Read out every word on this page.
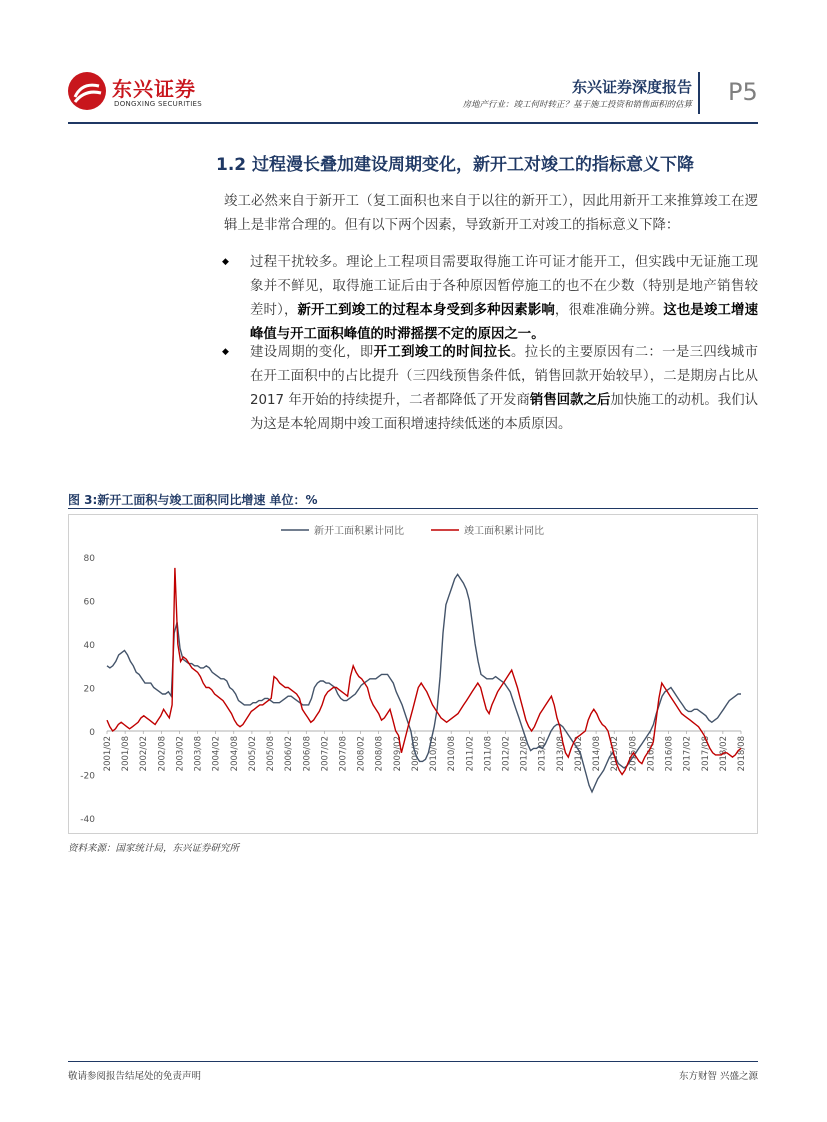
东兴证券
DONGXING SECURITIES
东兴证券深度报告
房地产行业：竣工何时转正？基于施工投资和销售面积的估算 P5
1.2 过程漫长叠加建设周期变化，新开工对竣工的指标意义下降
竣工必然来自于新开工（复工面积也来自于以往的新开工），因此用新开工来推算竣工在逻辑上是非常合理的。但有以下两个因素，导致新开工对竣工的指标意义下降：
◆ 过程干扰较多。理论上工程项目需要取得施工许可证才能开工，但实践中无证施工现象并不鲜见，取得施工证后由于各种原因暂停施工的也不在少数（特别是地产销售较差时），新开工到竣工的过程本身受到多种因素影响，很难准确分辨。这也是竣工增速峰值与开工面积峰值的时滞摇摆不定的原因之一。
◆ 建设周期的变化，即开工到竣工的时间拉长。拉长的主要原因有二：一是三四线城市在开工面积中的占比提升（三四线预售条件低，销售回款开始较早），二是期房占比从 2017 年开始的持续提升，二者都降低了开发商销售回款之后加快施工的动机。我们认为这是本轮周期中竣工面积增速持续低迷的本质原因。
图 3:新开工面积与竣工面积同比增速 单位：%
-40
-20
0
20
40
60
80
2001/02 2001/08 2002/02 2002/08 2003/02 2003/08 2004/02 2004/08 2005/02 2005/08 2006/02 2006/08 2007/02 2007/08 2008/02 2008/08 2009/02 2009/08 2010/02 2010/08 2011/02 2011/08 2012/02 2012/08 2013/02 2013/08 2014/02 2014/08 2015/02 2015/08 2016/02 2016/08 2017/02 2017/08 2018/02 2018/08
新开工面积累计同比	竣工面积累计同比
资料来源：国家统计局，东兴证券研究所
敬请参阅报告结尾处的免责声明	东方财智 兴盛之源
